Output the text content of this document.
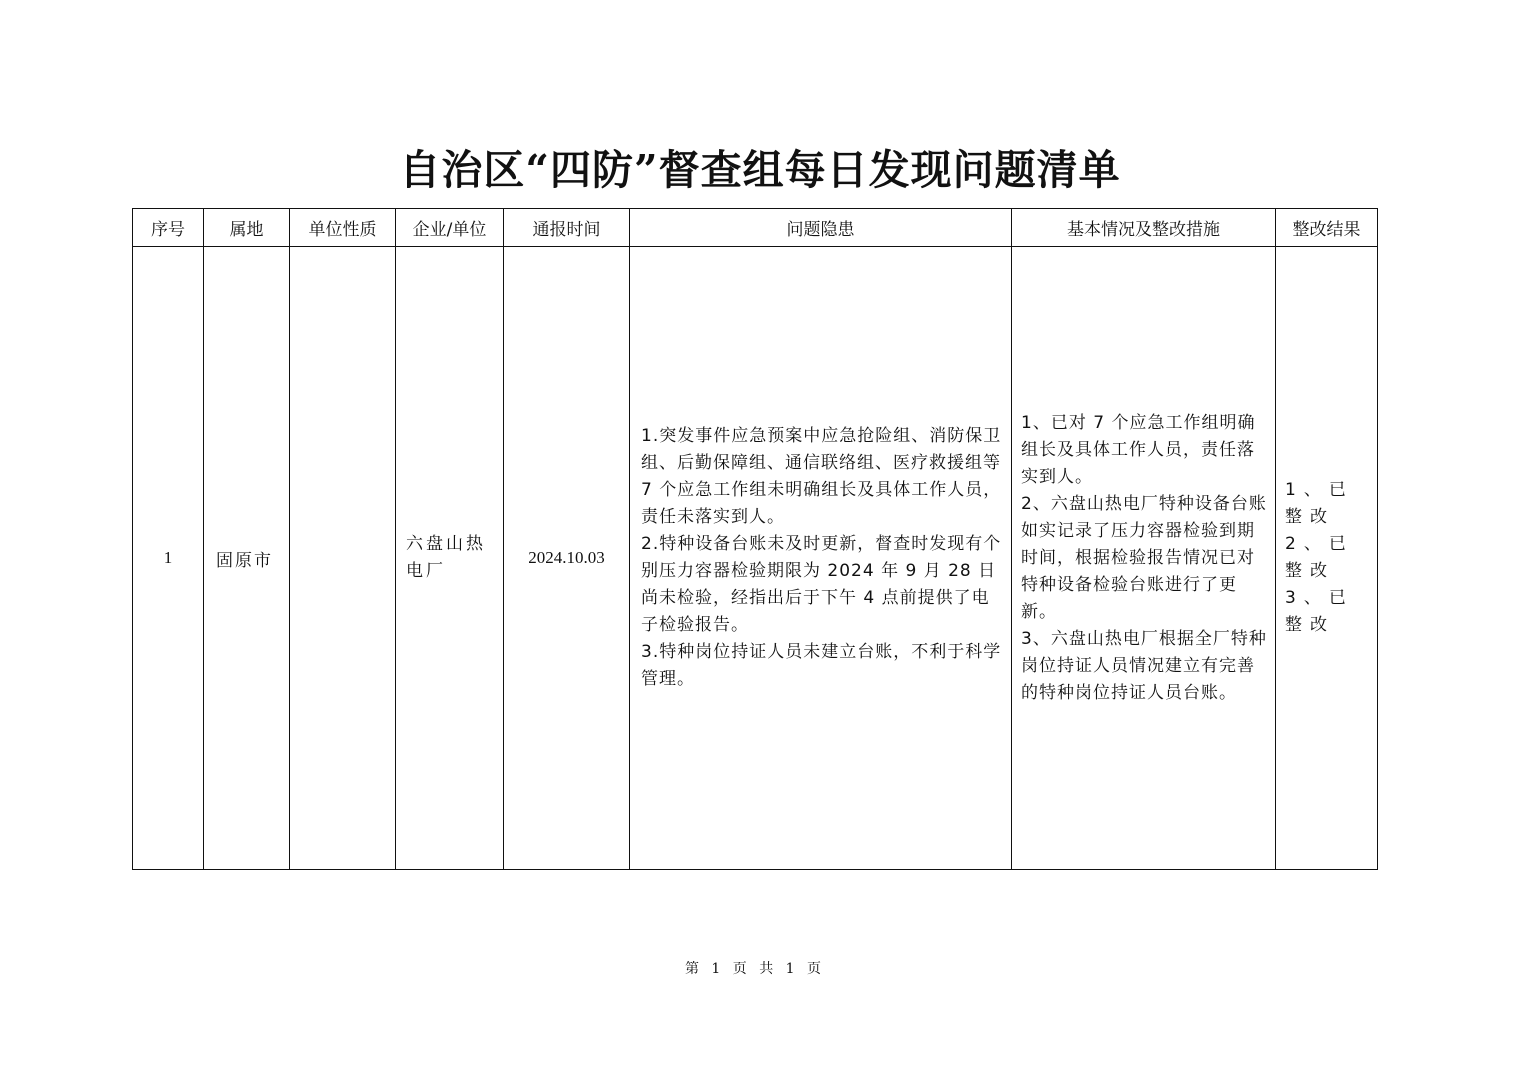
自治区“四防”督查组每日发现问题清单
序号	属地	单位性质	企业/单位	通报时间	问题隐患	基本情况及整改措施	整改结果
1	固原市		六盘山热电厂	2024.10.03	1.突发事件应急预案中应急抢险组、消防保卫组、后勤保障组、通信联络组、医疗救援组等 7 个应急工作组未明确组长及具体工作人员，责任未落实到人。
2.特种设备台账未及时更新，督查时发现有个别压力容器检验期限为 2024 年 9 月 28 日尚未检验，经指出后于下午 4 点前提供了电子检验报告。
3.特种岗位持证人员未建立台账，不利于科学管理。	1、已对 7 个应急工作组明确组长及具体工作人员，责任落实到人。
2、六盘山热电厂特种设备台账如实记录了压力容器检验到期时间，根据检验报告情况已对特种设备检验台账进行了更新。
3、六盘山热电厂根据全厂特种岗位持证人员情况建立有完善的特种岗位持证人员台账。	1、已整改
2、已整改
3、已整改
第 1 页 共 1 页
